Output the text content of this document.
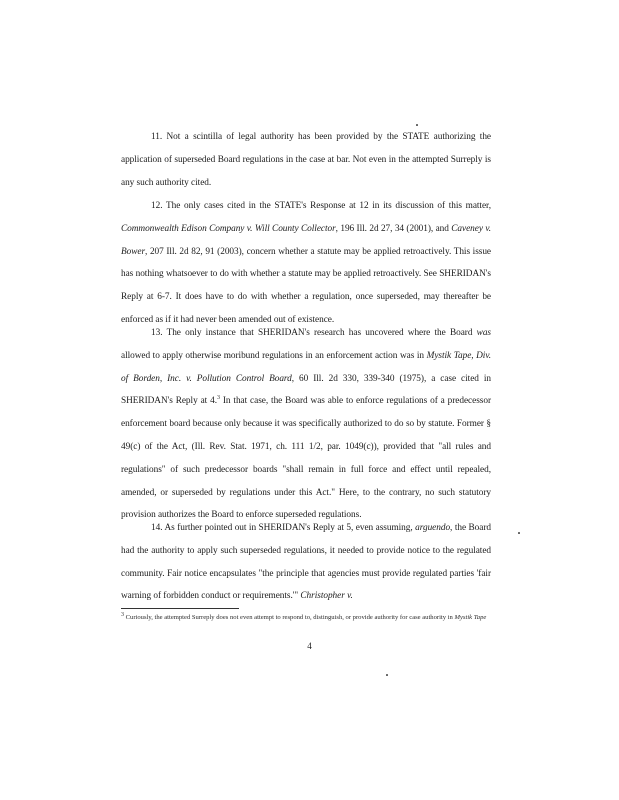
11. Not a scintilla of legal authority has been provided by the STATE authorizing the application of superseded Board regulations in the case at bar. Not even in the attempted Surreply is any such authority cited.
12. The only cases cited in the STATE's Response at 12 in its discussion of this matter, Commonwealth Edison Company v. Will County Collector, 196 Ill. 2d 27, 34 (2001), and Caveney v. Bower, 207 Ill. 2d 82, 91 (2003), concern whether a statute may be applied retroactively. This issue has nothing whatsoever to do with whether a statute may be applied retroactively. See SHERIDAN's Reply at 6-7. It does have to do with whether a regulation, once superseded, may thereafter be enforced as if it had never been amended out of existence.
13. The only instance that SHERIDAN's research has uncovered where the Board was allowed to apply otherwise moribund regulations in an enforcement action was in Mystik Tape, Div. of Borden, Inc. v. Pollution Control Board, 60 Ill. 2d 330, 339-340 (1975), a case cited in SHERIDAN's Reply at 4.$^3$ In that case, the Board was able to enforce regulations of a predecessor enforcement board because only because it was specifically authorized to do so by statute. Former § 49(c) of the Act, (Ill. Rev. Stat. 1971, ch. 111 1/2, par. 1049(c)), provided that "all rules and regulations" of such predecessor boards "shall remain in full force and effect until repealed, amended, or superseded by regulations under this Act." Here, to the contrary, no such statutory provision authorizes the Board to enforce superseded regulations.
14. As further pointed out in SHERIDAN's Reply at 5, even assuming, arguendo, the Board had the authority to apply such superseded regulations, it needed to provide notice to the regulated community. Fair notice encapsulates "the principle that agencies must provide regulated parties 'fair warning of forbidden conduct or requirements.'" Christopher v.
$^3$ Curiously, the attempted Surreply does not even attempt to respond to, distinguish, or provide authority for case authority in Mystik Tape
4
